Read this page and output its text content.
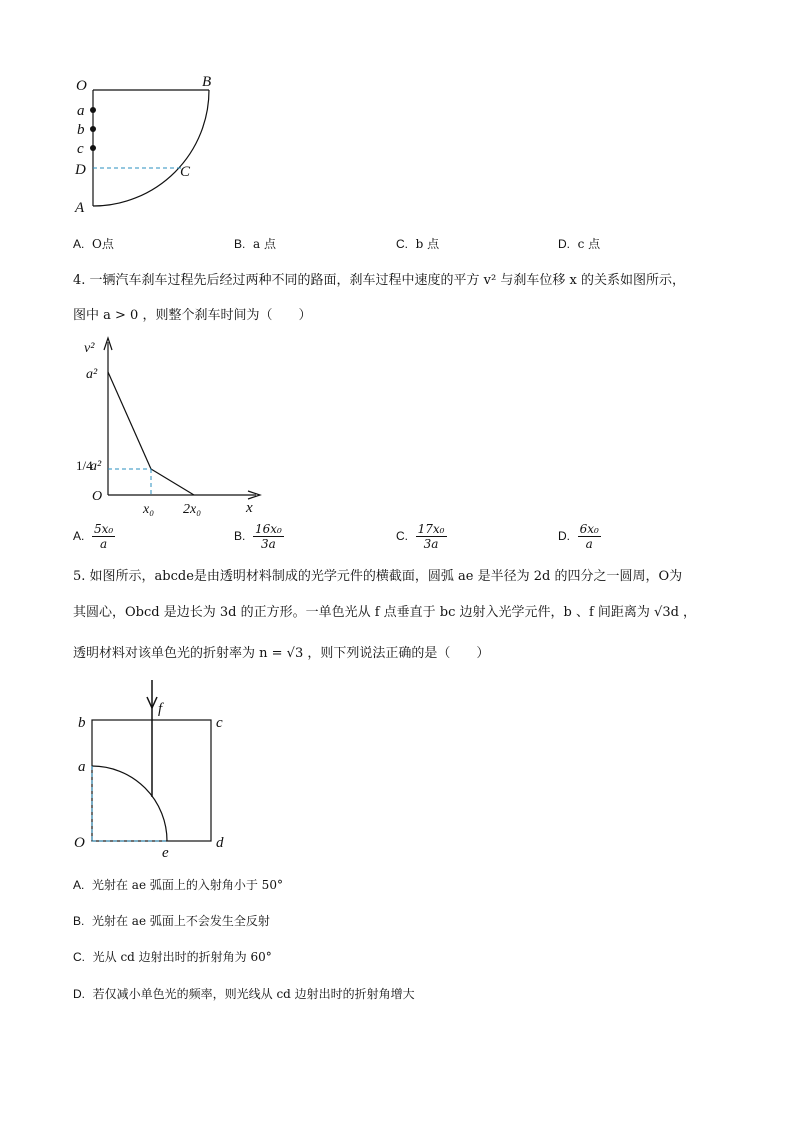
O	B
a
b
c
D	C
A
A. O点	B. a 点	C. b 点	D. c 点
4. 一辆汽车刹车过程先后经过两种不同的路面，刹车过程中速度的平方 v² 与刹车位移 x 的关系如图所示，
图中 a > 0 ，则整个刹车时间为（　　）
v²
a²
1/4
a²
O
x₀ 2x₀	x
A. $\frac{\text{5x₀}}{a}$	B. $\frac{\text{16x₀}}{3a}$	C. $\frac{\text{17x₀}}{3a}$	D. $\frac{\text{6x₀}}{a}$
5. 如图所示，abcde是由透明材料制成的光学元件的横截面，圆弧 ae 是半径为 2d 的四分之一圆周，O为
其圆心，Obcd 是边长为 3d 的正方形。一单色光从 f 点垂直于 bc 边射入光学元件，b 、f 间距离为 √3d ，
透明材料对该单色光的折射率为 n = √3 ，则下列说法正确的是（　　）
f
b	c
a
O
e
d
A. 光射在 ae 弧面上的入射角小于 50°
B. 光射在 ae 弧面上不会发生全反射
C. 光从 cd 边射出时的折射角为 60°
D. 若仅减小单色光的频率，则光线从 cd 边射出时的折射角增大
